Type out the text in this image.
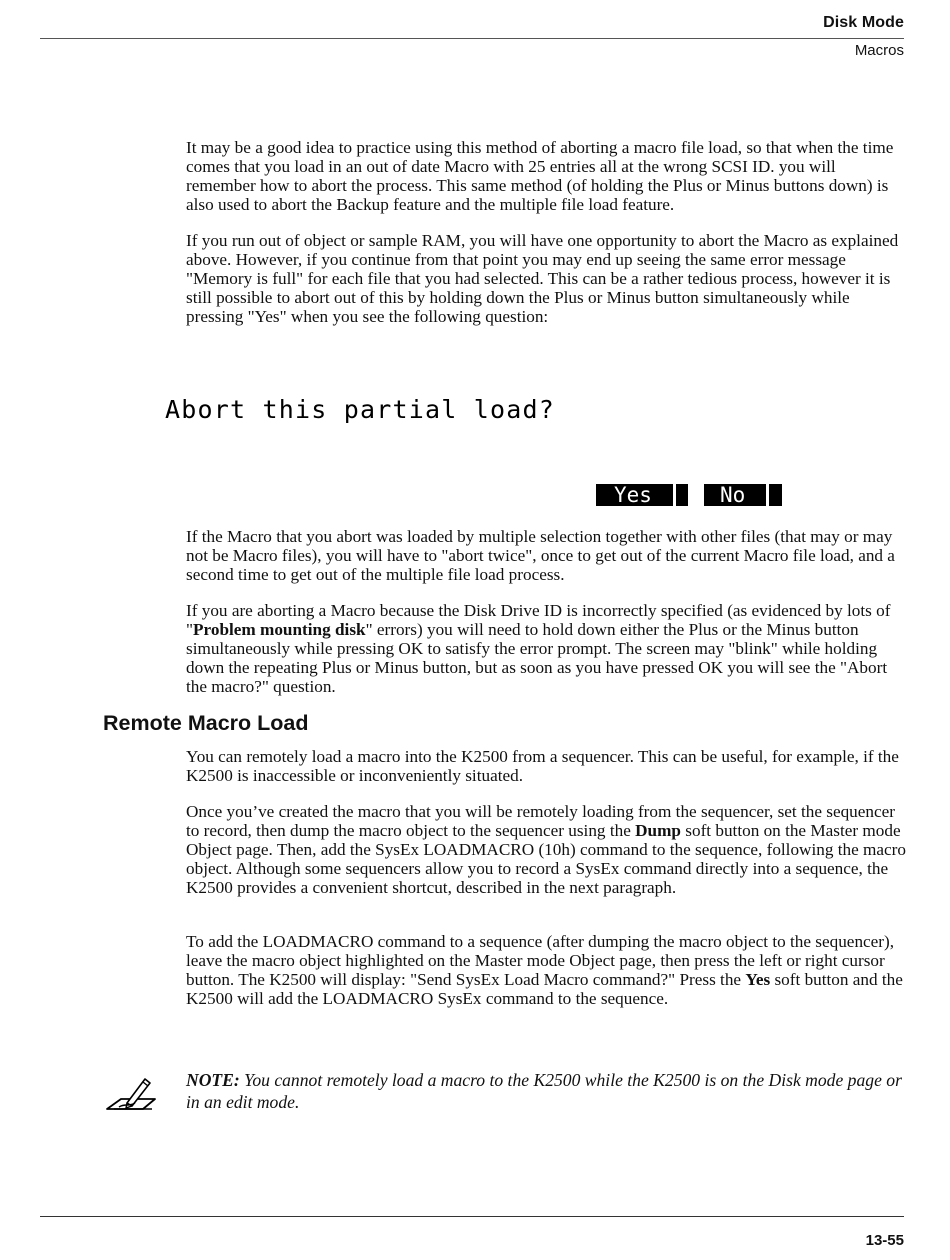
Disk Mode
Macros

It may be a good idea to practice using this method of aborting a macro file load, so that when the time comes that you load in an out of date Macro with 25 entries all at the wrong SCSI ID. you will remember how to abort the process. This same method (of holding the Plus or Minus buttons down) is also used to abort the Backup feature and the multiple file load feature.

If you run out of object or sample RAM, you will have one opportunity to abort the Macro as explained above. However, if you continue from that point you may end up seeing the same error message "Memory is full" for each file that you had selected. This can be a rather tedious process, however it is still possible to abort out of this by holding down the Plus or Minus button simultaneously while pressing "Yes" when you see the following question:

Abort this partial load?
Yes	No

If the Macro that you abort was loaded by multiple selection together with other files (that may or may not be Macro files), you will have to "abort twice", once to get out of the current Macro file load, and a second time to get out of the multiple file load process.

If you are aborting a Macro because the Disk Drive ID is incorrectly specified (as evidenced by lots of "Problem mounting disk" errors) you will need to hold down either the Plus or the Minus button simultaneously while pressing OK to satisfy the error prompt. The screen may "blink" while holding down the repeating Plus or Minus button, but as soon as you have pressed OK you will see the "Abort the macro?" question.

Remote Macro Load

You can remotely load a macro into the K2500 from a sequencer. This can be useful, for example, if the K2500 is inaccessible or inconveniently situated.

Once you’ve created the macro that you will be remotely loading from the sequencer, set the sequencer to record, then dump the macro object to the sequencer using the Dump soft button on the Master mode Object page. Then, add the SysEx LOADMACRO (10h) command to the sequence, following the macro object. Although some sequencers allow you to record a SysEx command directly into a sequence, the K2500 provides a convenient shortcut, described in the next paragraph.

To add the LOADMACRO command to a sequence (after dumping the macro object to the sequencer), leave the macro object highlighted on the Master mode Object page, then press the left or right cursor button. The K2500 will display: "Send SysEx Load Macro command?" Press the Yes soft button and the K2500 will add the LOADMACRO SysEx command to the sequence.

NOTE: You cannot remotely load a macro to the K2500 while the K2500 is on the Disk mode page or in an edit mode.

13-55
